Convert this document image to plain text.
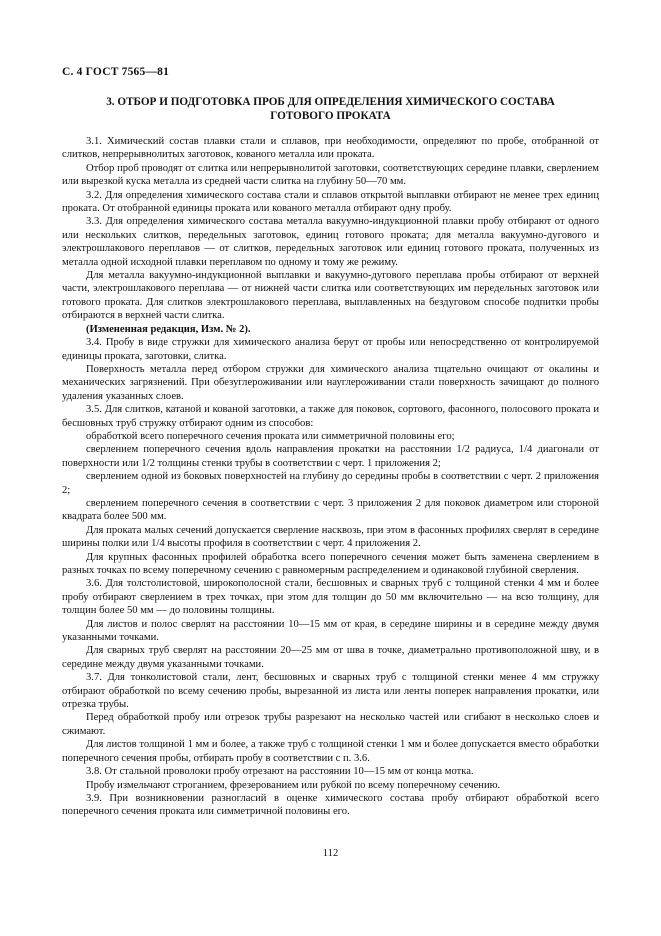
С. 4 ГОСТ 7565—81
3. ОТБОР И ПОДГОТОВКА ПРОБ ДЛЯ ОПРЕДЕЛЕНИЯ ХИМИЧЕСКОГО СОСТАВА
ГОТОВОГО ПРОКАТА

3.1. Химический состав плавки стали и сплавов, при необходимости, определяют по пробе, отобранной от слитков, непрерывнолитых заготовок, кованого металла или проката.

Отбор проб проводят от слитка или непрерывнолитой заготовки, соответствующих середине плавки, сверлением или вырезкой куска металла из средней части слитка на глубину 50—70 мм.

3.2. Для определения химического состава стали и сплавов открытой выплавки отбирают не менее трех единиц проката. От отобранной единицы проката или кованого металла отбирают одну пробу.

3.3. Для определения химического состава металла вакуумно-индукционной плавки пробу отбирают от одного или нескольких слитков, передельных заготовок, единиц готового проката; для металла вакуумно-дугового и электрошлакового переплавов — от слитков, передельных заготовок или единиц готового проката, полученных из металла одной исходной плавки переплавом по одному и тому же режиму.

Для металла вакуумно-индукционной выплавки и вакуумно-дугового переплава пробы отбирают от верхней части, электрошлакового переплава — от нижней части слитка или соответствующих им передельных заготовок или готового проката. Для слитков электрошлакового переплава, выплавленных на бездуговом способе подпитки пробы отбираются в верхней части слитка.

(Измененная редакция, Изм. № 2).

3.4. Пробу в виде стружки для химического анализа берут от пробы или непосредственно от контролируемой единицы проката, заготовки, слитка.

Поверхность металла перед отбором стружки для химического анализа тщательно очищают от окалины и механических загрязнений. При обезуглероживании или науглероживании стали поверхность зачищают до полного удаления указанных слоев.

3.5. Для слитков, катаной и кованой заготовки, а также для поковок, сортового, фасонного, полосового проката и бесшовных труб стружку отбирают одним из способов:

обработкой всего поперечного сечения проката или симметричной половины его;

сверлением поперечного сечения вдоль направления прокатки на расстоянии 1/2 радиуса, 1/4 диагонали от поверхности или 1/2 толщины стенки трубы в соответствии с черт. 1 приложения 2;

сверлением одной из боковых поверхностей на глубину до середины пробы в соответствии с черт. 2 приложения 2;

сверлением поперечного сечения в соответствии с черт. 3 приложения 2 для поковок диаметром или стороной квадрата более 500 мм.

Для проката малых сечений допускается сверление насквозь, при этом в фасонных профилях сверлят в середине ширины полки или 1/4 высоты профиля в соответствии с черт. 4 приложения 2.

Для крупных фасонных профилей обработка всего поперечного сечения может быть заменена сверлением в разных точках по всему поперечному сечению с равномерным распределением и одинаковой глубиной сверления.

3.6. Для толстолистовой, широкополосной стали, бесшовных и сварных труб с толщиной стенки 4 мм и более пробу отбирают сверлением в трех точках, при этом для толщин до 50 мм включительно — на всю толщину, для толщин более 50 мм — до половины толщины.

Для листов и полос сверлят на расстоянии 10—15 мм от края, в середине ширины и в середине между двумя указанными точками.

Для сварных труб сверлят на расстоянии 20—25 мм от шва в точке, диаметрально противоположной шву, и в середине между двумя указанными точками.

3.7. Для тонколистовой стали, лент, бесшовных и сварных труб с толщиной стенки менее 4 мм стружку отбирают обработкой по всему сечению пробы, вырезанной из листа или ленты поперек направления прокатки, или отрезка трубы.

Перед обработкой пробу или отрезок трубы разрезают на несколько частей или сгибают в несколько слоев и сжимают.

Для листов толщиной 1 мм и более, а также труб с толщиной стенки 1 мм и более допускается вместо обработки поперечного сечения пробы, отбирать пробу в соответствии с п. 3.6.

3.8. От стальной проволоки пробу отрезают на расстоянии 10—15 мм от конца мотка.

Пробу измельчают строганием, фрезерованием или рубкой по всему поперечному сечению.

3.9. При возникновении разногласий в оценке химического состава пробу отбирают обработкой всего поперечного сечения проката или симметричной половины его.

112
